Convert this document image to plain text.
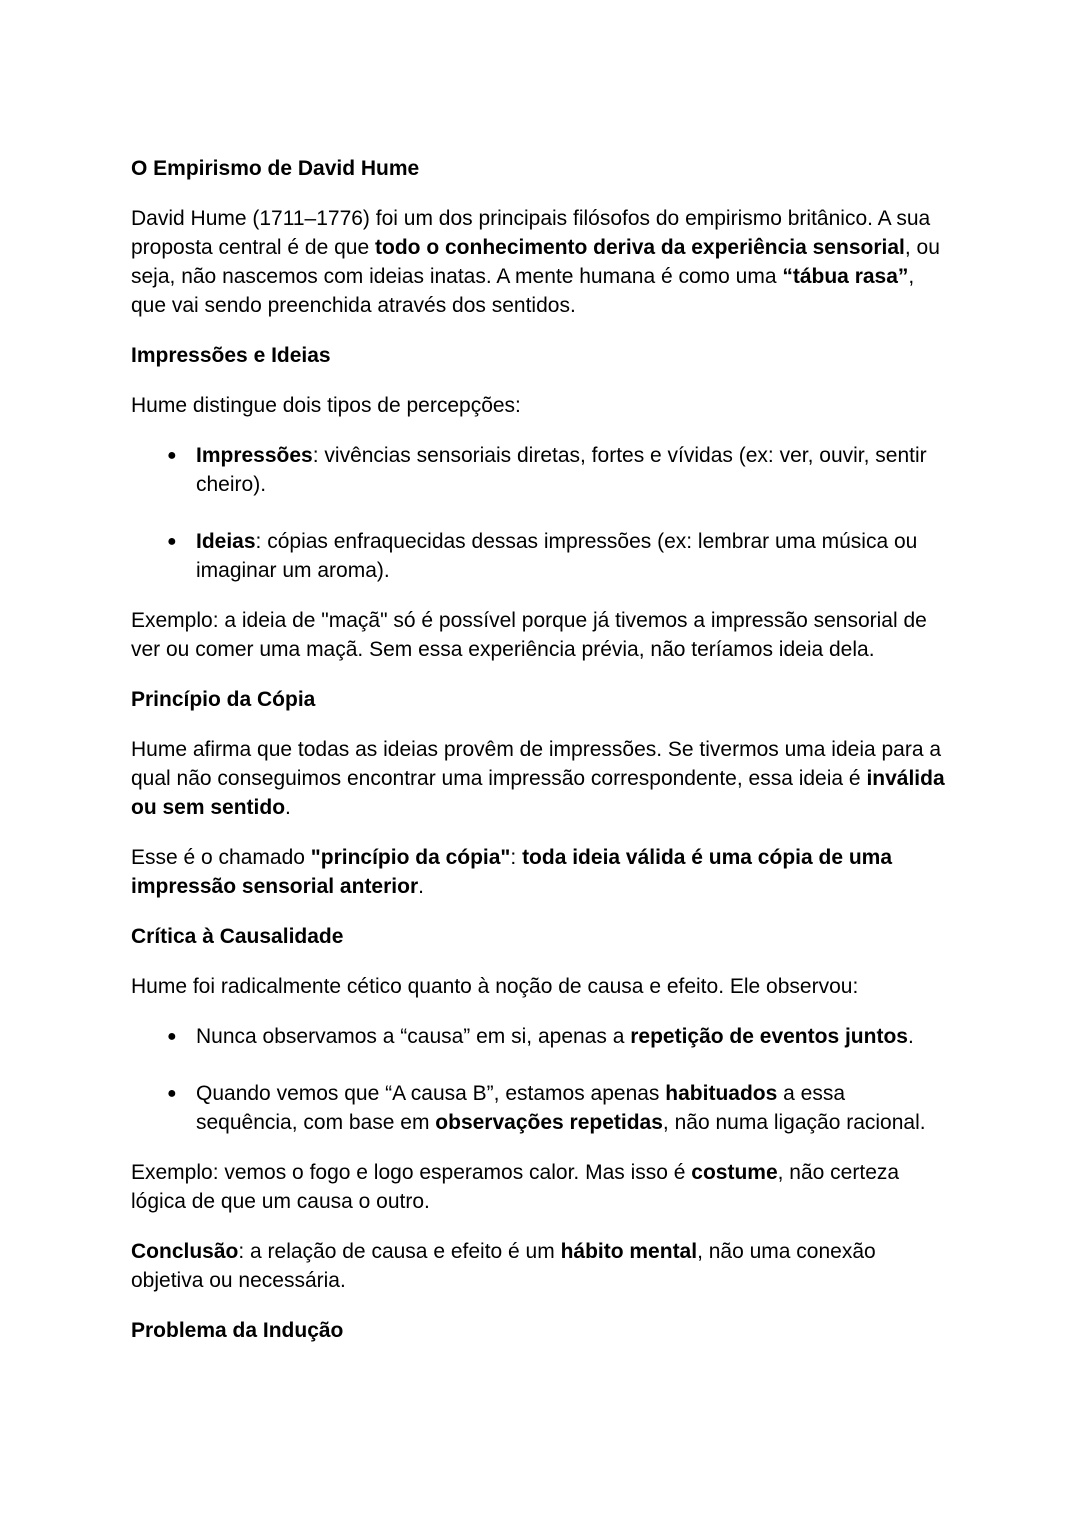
O Empirismo de David Hume

David Hume (1711–1776) foi um dos principais filósofos do empirismo britânico. A sua proposta central é de que todo o conhecimento deriva da experiência sensorial, ou seja, não nascemos com ideias inatas. A mente humana é como uma “tábua rasa”, que vai sendo preenchida através dos sentidos.

Impressões e Ideias

Hume distingue dois tipos de percepções:

● Impressões: vivências sensoriais diretas, fortes e vívidas (ex: ver, ouvir, sentir cheiro).
● Ideias: cópias enfraquecidas dessas impressões (ex: lembrar uma música ou imaginar um aroma).

Exemplo: a ideia de "maçã" só é possível porque já tivemos a impressão sensorial de ver ou comer uma maçã. Sem essa experiência prévia, não teríamos ideia dela.

Princípio da Cópia

Hume afirma que todas as ideias provêm de impressões. Se tivermos uma ideia para a qual não conseguimos encontrar uma impressão correspondente, essa ideia é inválida ou sem sentido.

Esse é o chamado "princípio da cópia": toda ideia válida é uma cópia de uma impressão sensorial anterior.

Crítica à Causalidade

Hume foi radicalmente cético quanto à noção de causa e efeito. Ele observou:

● Nunca observamos a “causa” em si, apenas a repetição de eventos juntos.
● Quando vemos que “A causa B”, estamos apenas habituados a essa sequência, com base em observações repetidas, não numa ligação racional.

Exemplo: vemos o fogo e logo esperamos calor. Mas isso é costume, não certeza lógica de que um causa o outro.

Conclusão: a relação de causa e efeito é um hábito mental, não uma conexão objetiva ou necessária.

Problema da Indução
